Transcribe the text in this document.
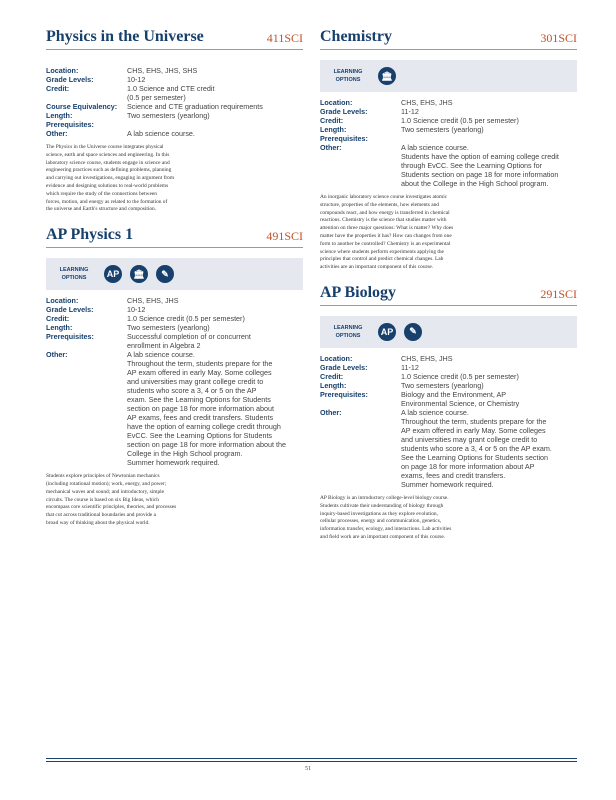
Physics in the Universe	411SCI
Location:	CHS, EHS, JHS, SHS
Grade Levels:	10-12
Credit:	1.0 Science and CTE credit
(0.5 per semester)
Course Equivalency:	Science and CTE graduation requirements
Length:	Two semesters (yearlong)
Prerequisites:
Other:	A lab science course.
The Physics in the Universe course integrates physical
science, earth and space sciences and engineering. In this
laboratory science course, students engage in science and
engineering practices such as defining problems, planning
and carrying out investigations, engaging in argument from
evidence and designing solutions to real-world problems
which require the study of the connections between
forces, motion, and energy as related to the formation of
the universe and Earth's structure and composition.
AP Physics 1	491SCI
LEARNING
OPTIONS	AP	🏛	✎
Location:	CHS, EHS, JHS
Grade Levels:	10-12
Credit:	1.0 Science credit (0.5 per semester)
Length:	Two semesters (yearlong)
Prerequisites:	Successful completion of or concurrent
enrollment in Algebra 2
Other:	A lab science course.
Throughout the term, students prepare for the
AP exam offered in early May. Some colleges
and universities may grant college credit to
students who score a 3, 4 or 5 on the AP
exam. See the Learning Options for Students
section on page 18 for more information about
AP exams, fees and credit transfers. Students
have the option of earning college credit through
EvCC. See the Learning Options for Students
section on page 18 for more information about the
College in the High School program.
Summer homework required.
Students explore principles of Newtonian mechanics
(including rotational motion); work, energy, and power;
mechanical waves and sound; and introductory, simple
circuits. The course is based on six Big Ideas, which
encompass core scientific principles, theories, and processes
that cut across traditional boundaries and provide a
broad way of thinking about the physical world.
Chemistry	301SCI
LEARNING
OPTIONS	🏛
Location:	CHS, EHS, JHS
Grade Levels:	11-12
Credit:	1.0 Science credit (0.5 per semester)
Length:	Two semesters (yearlong)
Prerequisites:
Other:	A lab science course.
Students have the option of earning college credit
through EvCC. See the Learning Options for
Students section on page 18 for more information
about the College in the High School program.
An inorganic laboratory science course investigates atomic
structure, properties of the elements, how elements and
compounds react, and how energy is transferred in chemical
reactions. Chemistry is the science that studies matter with
attention on three major questions: What is matter? Why does
matter have the properties it has? How can changes from one
form to another be controlled? Chemistry is an experimental
science where students perform experiments applying the
principles that control and predict chemical changes. Lab
activities are an important component of this course.
AP Biology	291SCI
LEARNING
OPTIONS	AP	✎
Location:	CHS, EHS, JHS
Grade Levels:	11-12
Credit:	1.0 Science credit (0.5 per semester)
Length:	Two semesters (yearlong)
Prerequisites:	Biology and the Environment, AP
Environmental Science, or Chemistry
Other:	A lab science course.
Throughout the term, students prepare for the
AP exam offered in early May. Some colleges
and universities may grant college credit to
students who score a 3, 4 or 5 on the AP exam.
See the Learning Options for Students section
on page 18 for more information about AP
exams, fees and credit transfers.
Summer homework required.
AP Biology is an introductory college-level biology course.
Students cultivate their understanding of biology through
inquiry-based investigations as they explore evolution,
cellular processes, energy and communication, genetics,
information transfer, ecology, and interactions. Lab activities
and field work are an important component of this course.
51
